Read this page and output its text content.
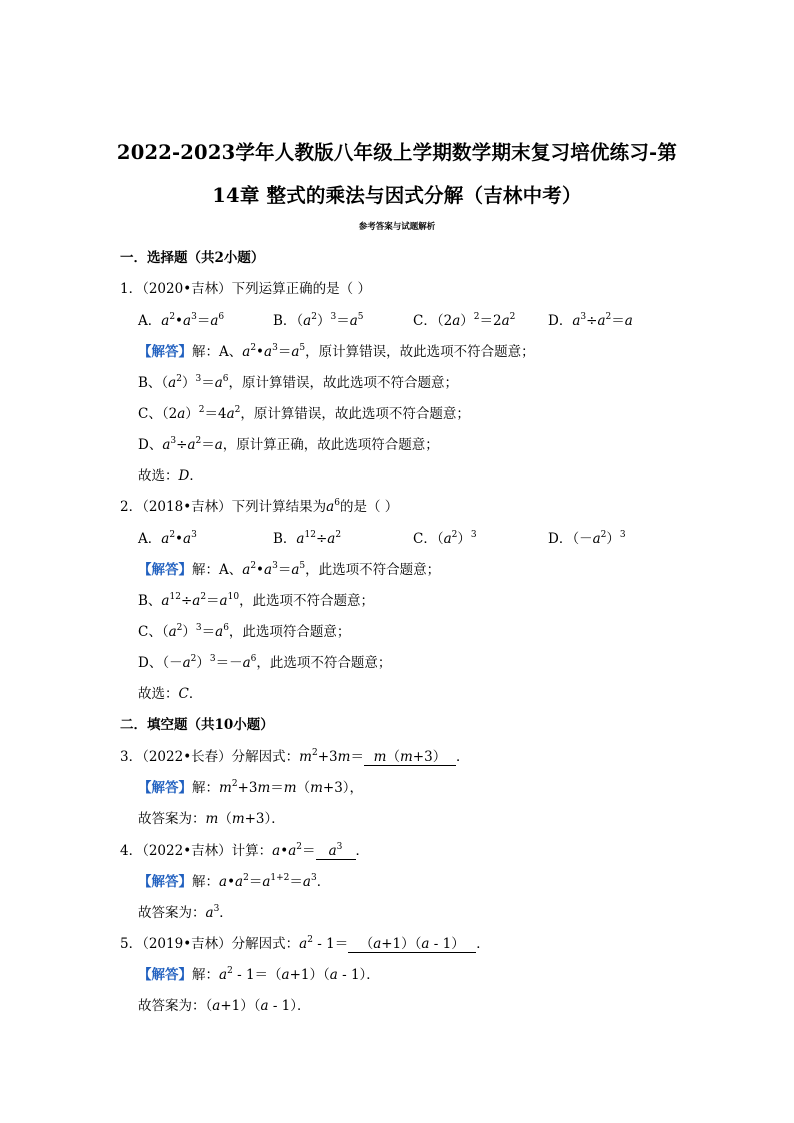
2022-2023学年人教版八年级上学期数学期末复习培优练习-第
14章 整式的乘法与因式分解（吉林中考）
参考答案与试题解析
一．选择题（共2小题）
1．（2020•吉林）下列运算正确的是（ ）
A．$a^2•a^3=a^6$	B．$(a^2)^3=a^5$	C．$(2a)^2=2a^2$ D．$a^3\div a^2=a$
【解答】解：A、$a^2•a^3=a^5$，原计算错误，故此选项不符合题意；
B、$(a^2)^3=a^6$，原计算错误，故此选项不符合题意；
C、$(2a)^2=4a^2$，原计算错误，故此选项不符合题意；
D、$a^3\div a^2=a$，原计算正确，故此选项符合题意；
故选：D．
2．（2018•吉林）下列计算结果为$a^6$的是（ ）
A．$a^2•a^3$	B．$a^{12}\div a^2$	C．$(a^2)^3$	D．$(-a^2)^3$
【解答】解：A、$a^2•a^3=a^5$，此选项不符合题意；
B、$a^{12}\div a^2=a^{10}$，此选项不符合题意；
C、$(a^2)^3=a^6$，此选项符合题意；
D、$(-a^2)^3=-a^6$，此选项不符合题意；
故选：C．
二．填空题（共10小题）
3．（2022•长春）分解因式：$m^2+3m= m(m+3)$ ．
【解答】解：$m^2+3m=m(m+3)$，
故答案为：m（m+3）．
4．（2022•吉林）计算：$a•a^2= a^3$ ．
【解答】解：$a•a^2=a^{1+2}=a^3$．
故答案为：$a^3$．
5．（2019•吉林）分解因式：$a^2 - 1= (a+1)(a - 1)$ ．
【解答】解：$a^2 - 1=(a+1)(a - 1)$．
故答案为：（a+1）（a - 1）．
